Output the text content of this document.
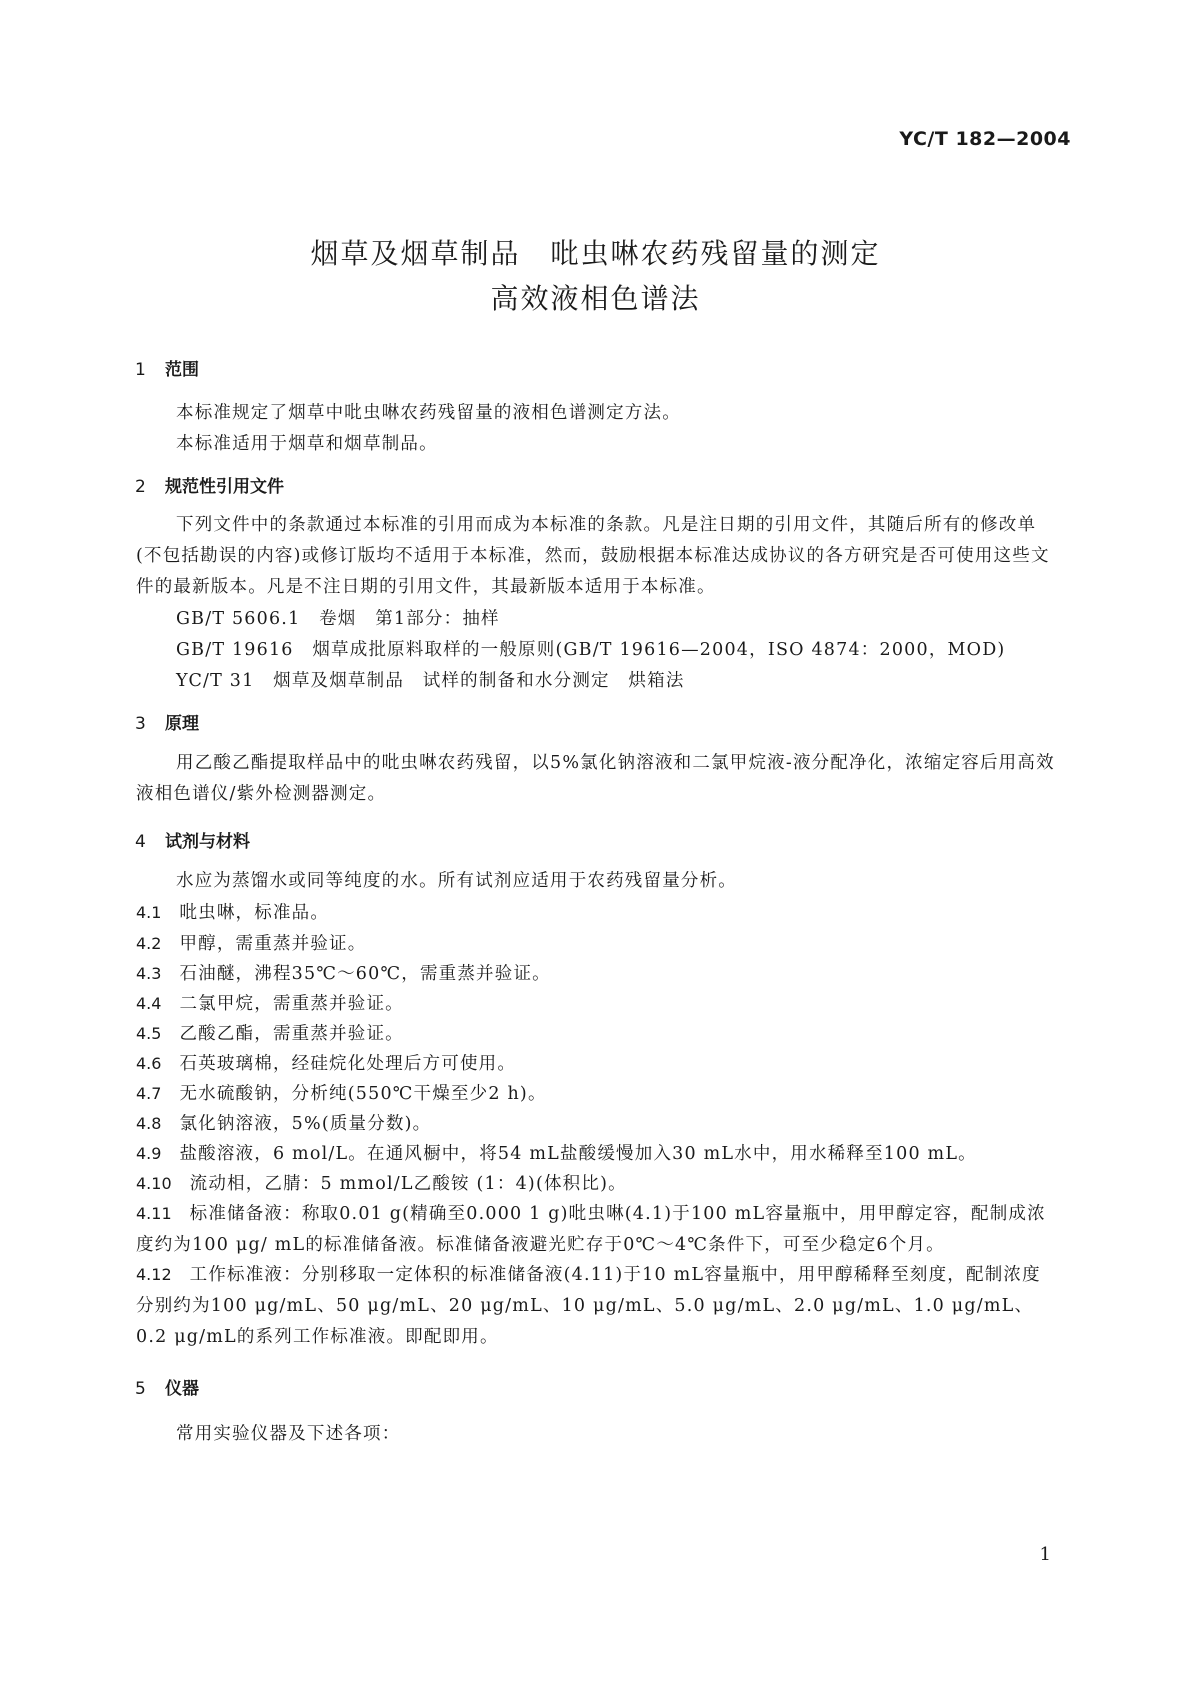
YC/T 182—2004
烟草及烟草制品　吡虫啉农药残留量的测定
高效液相色谱法
1 范围
本标准规定了烟草中吡虫啉农药残留量的液相色谱测定方法。
本标准适用于烟草和烟草制品。
2 规范性引用文件
下列文件中的条款通过本标准的引用而成为本标准的条款。凡是注日期的引用文件，其随后所有的修改单(不包括勘误的内容)或修订版均不适用于本标准，然而，鼓励根据本标准达成协议的各方研究是否可使用这些文件的最新版本。凡是不注日期的引用文件，其最新版本适用于本标准。
GB/T 5606.1　卷烟　第1部分：抽样
GB/T 19616　烟草成批原料取样的一般原则(GB/T 19616—2004，ISO 4874：2000，MOD)
YC/T 31　烟草及烟草制品　试样的制备和水分测定　烘箱法
3 原理
用乙酸乙酯提取样品中的吡虫啉农药残留，以5%氯化钠溶液和二氯甲烷液-液分配净化，浓缩定容后用高效液相色谱仪/紫外检测器测定。
4 试剂与材料
水应为蒸馏水或同等纯度的水。所有试剂应适用于农药残留量分析。
4.1 吡虫啉，标准品。
4.2 甲醇，需重蒸并验证。
4.3 石油醚，沸程35℃～60℃，需重蒸并验证。
4.4 二氯甲烷，需重蒸并验证。
4.5 乙酸乙酯，需重蒸并验证。
4.6 石英玻璃棉，经硅烷化处理后方可使用。
4.7 无水硫酸钠，分析纯(550℃干燥至少2 h)。
4.8 氯化钠溶液，5%(质量分数)。
4.9 盐酸溶液，6 mol/L。在通风橱中，将54 mL盐酸缓慢加入30 mL水中，用水稀释至100 mL。
4.10 流动相，乙腈：5 mmol/L乙酸铵 (1：4)(体积比)。
4.11 标准储备液：称取0.01 g(精确至0.000 1 g)吡虫啉(4.1)于100 mL容量瓶中，用甲醇定容，配制成浓度约为100 μg/ mL的标准储备液。标准储备液避光贮存于0℃～4℃条件下，可至少稳定6个月。
4.12 工作标准液：分别移取一定体积的标准储备液(4.11)于10 mL容量瓶中，用甲醇稀释至刻度，配制浓度分别约为100 μg/mL、50 μg/mL、20 μg/mL、10 μg/mL、5.0 μg/mL、2.0 μg/mL、1.0 μg/mL、0.2 μg/mL的系列工作标准液。即配即用。
5 仪器
常用实验仪器及下述各项：
1
